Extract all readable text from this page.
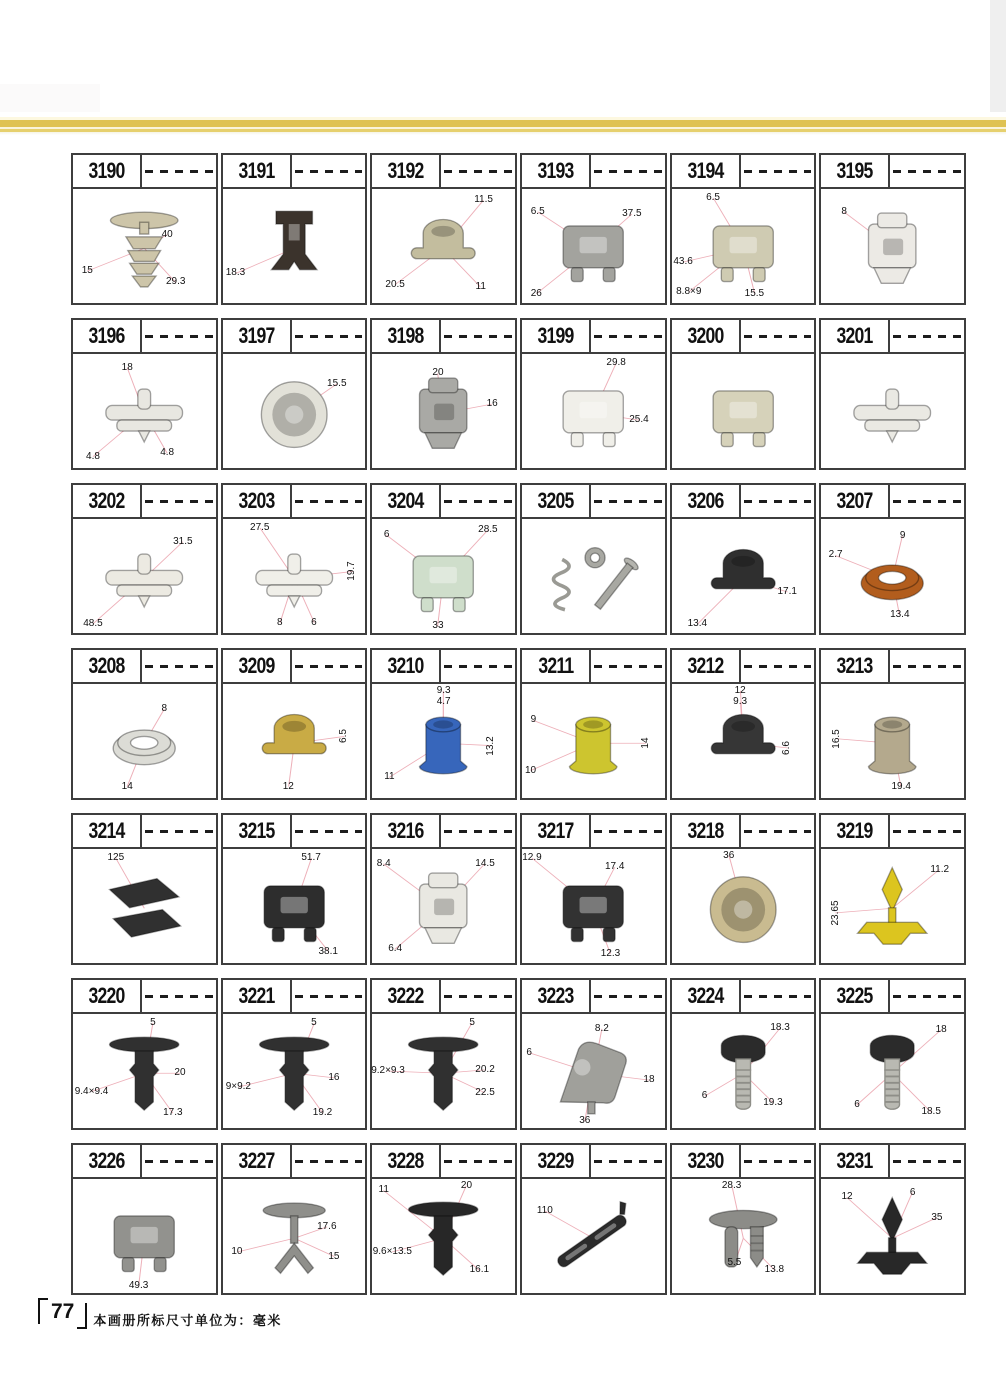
3190
40
15
29.3
3191
18.3
3192
11.5
20.5	11
3193
6.5	37.5
26
3194
6.5
43.6
8.8×9	15.5
3195
8
3196
18
4.8	4.8
3197
15.5
3198
20
16
3199
29.8
25.4
3200	3201
3202
31.5
48.5
3203
27.5
19.7
8	6
3204
6	28.5
33
3205	3206
17.1
13.4
3207
9
2.7
13.4
3208
8
14
3209
6.5
12
3210
9.3
4.7
13.2
11
3211
9
14
10
3212
12
9.3
6.6
3213
16.5
19.4
3214
125
3215
51.7
38.1
3216
8.4	14.5
6.4
3217
12.9
17.4
12.3
3218
36
3219
11.2
23.65
3220
5
20
9.4×9.4
17.3
3221
5
16
9×9.2
19.2
3222
5
9.2×9.3	20.2
22.5
3223
8.2
6
18
36
3224
18.3
6
19.3
3225
18
6
18.5
3226
49.3
3227
17.6
10	15
3228
11	20
9.6×13.5
16.1
3229
110
3230
28.3
5.5
13.8
3231
12	6
35
77 本画册所标尺寸单位为：毫米
